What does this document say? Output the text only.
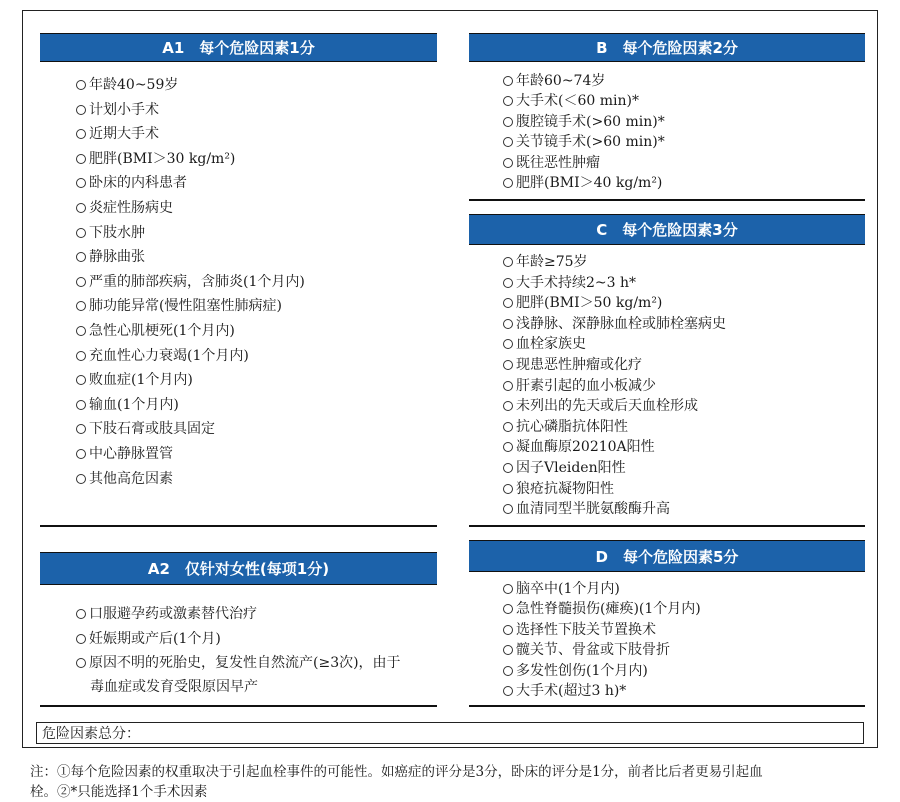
A1　每个危险因素1分
年龄40~59岁
计划小手术
近期大手术
肥胖(BMI＞30 kg/m²)
卧床的内科患者
炎症性肠病史
下肢水肿
静脉曲张
严重的肺部疾病，含肺炎(1个月内)
肺功能异常(慢性阻塞性肺病症)
急性心肌梗死(1个月内)
充血性心力衰竭(1个月内)
败血症(1个月内)
输血(1个月内)
下肢石膏或肢具固定
中心静脉置管
其他高危因素
A2　仅针对女性(每项1分)
口服避孕药或激素替代治疗
妊娠期或产后(1个月)
原因不明的死胎史，复发性自然流产(≥3次)，由于
毒血症或发育受限原因早产
B　每个危险因素2分
年龄60~74岁
大手术(＜60 min)*
腹腔镜手术(>60 min)*
关节镜手术(>60 min)*
既往恶性肿瘤
肥胖(BMI＞40 kg/m²)
C　每个危险因素3分
年龄≥75岁
大手术持续2~3 h*
肥胖(BMI＞50 kg/m²)
浅静脉、深静脉血栓或肺栓塞病史
血栓家族史
现患恶性肿瘤或化疗
肝素引起的血小板减少
未列出的先天或后天血栓形成
抗心磷脂抗体阳性
凝血酶原20210A阳性
因子Vleiden阳性
狼疮抗凝物阳性
血清同型半胱氨酸酶升高
D　每个危险因素5分
脑卒中(1个月内)
急性脊髓损伤(瘫痪)(1个月内)
选择性下肢关节置换术
髋关节、骨盆或下肢骨折
多发性创伤(1个月内)
大手术(超过3 h)*
危险因素总分：
注：①每个危险因素的权重取决于引起血栓事件的可能性。如癌症的评分是3分，卧床的评分是1分，前者比后者更易引起血
栓。②*只能选择1个手术因素
